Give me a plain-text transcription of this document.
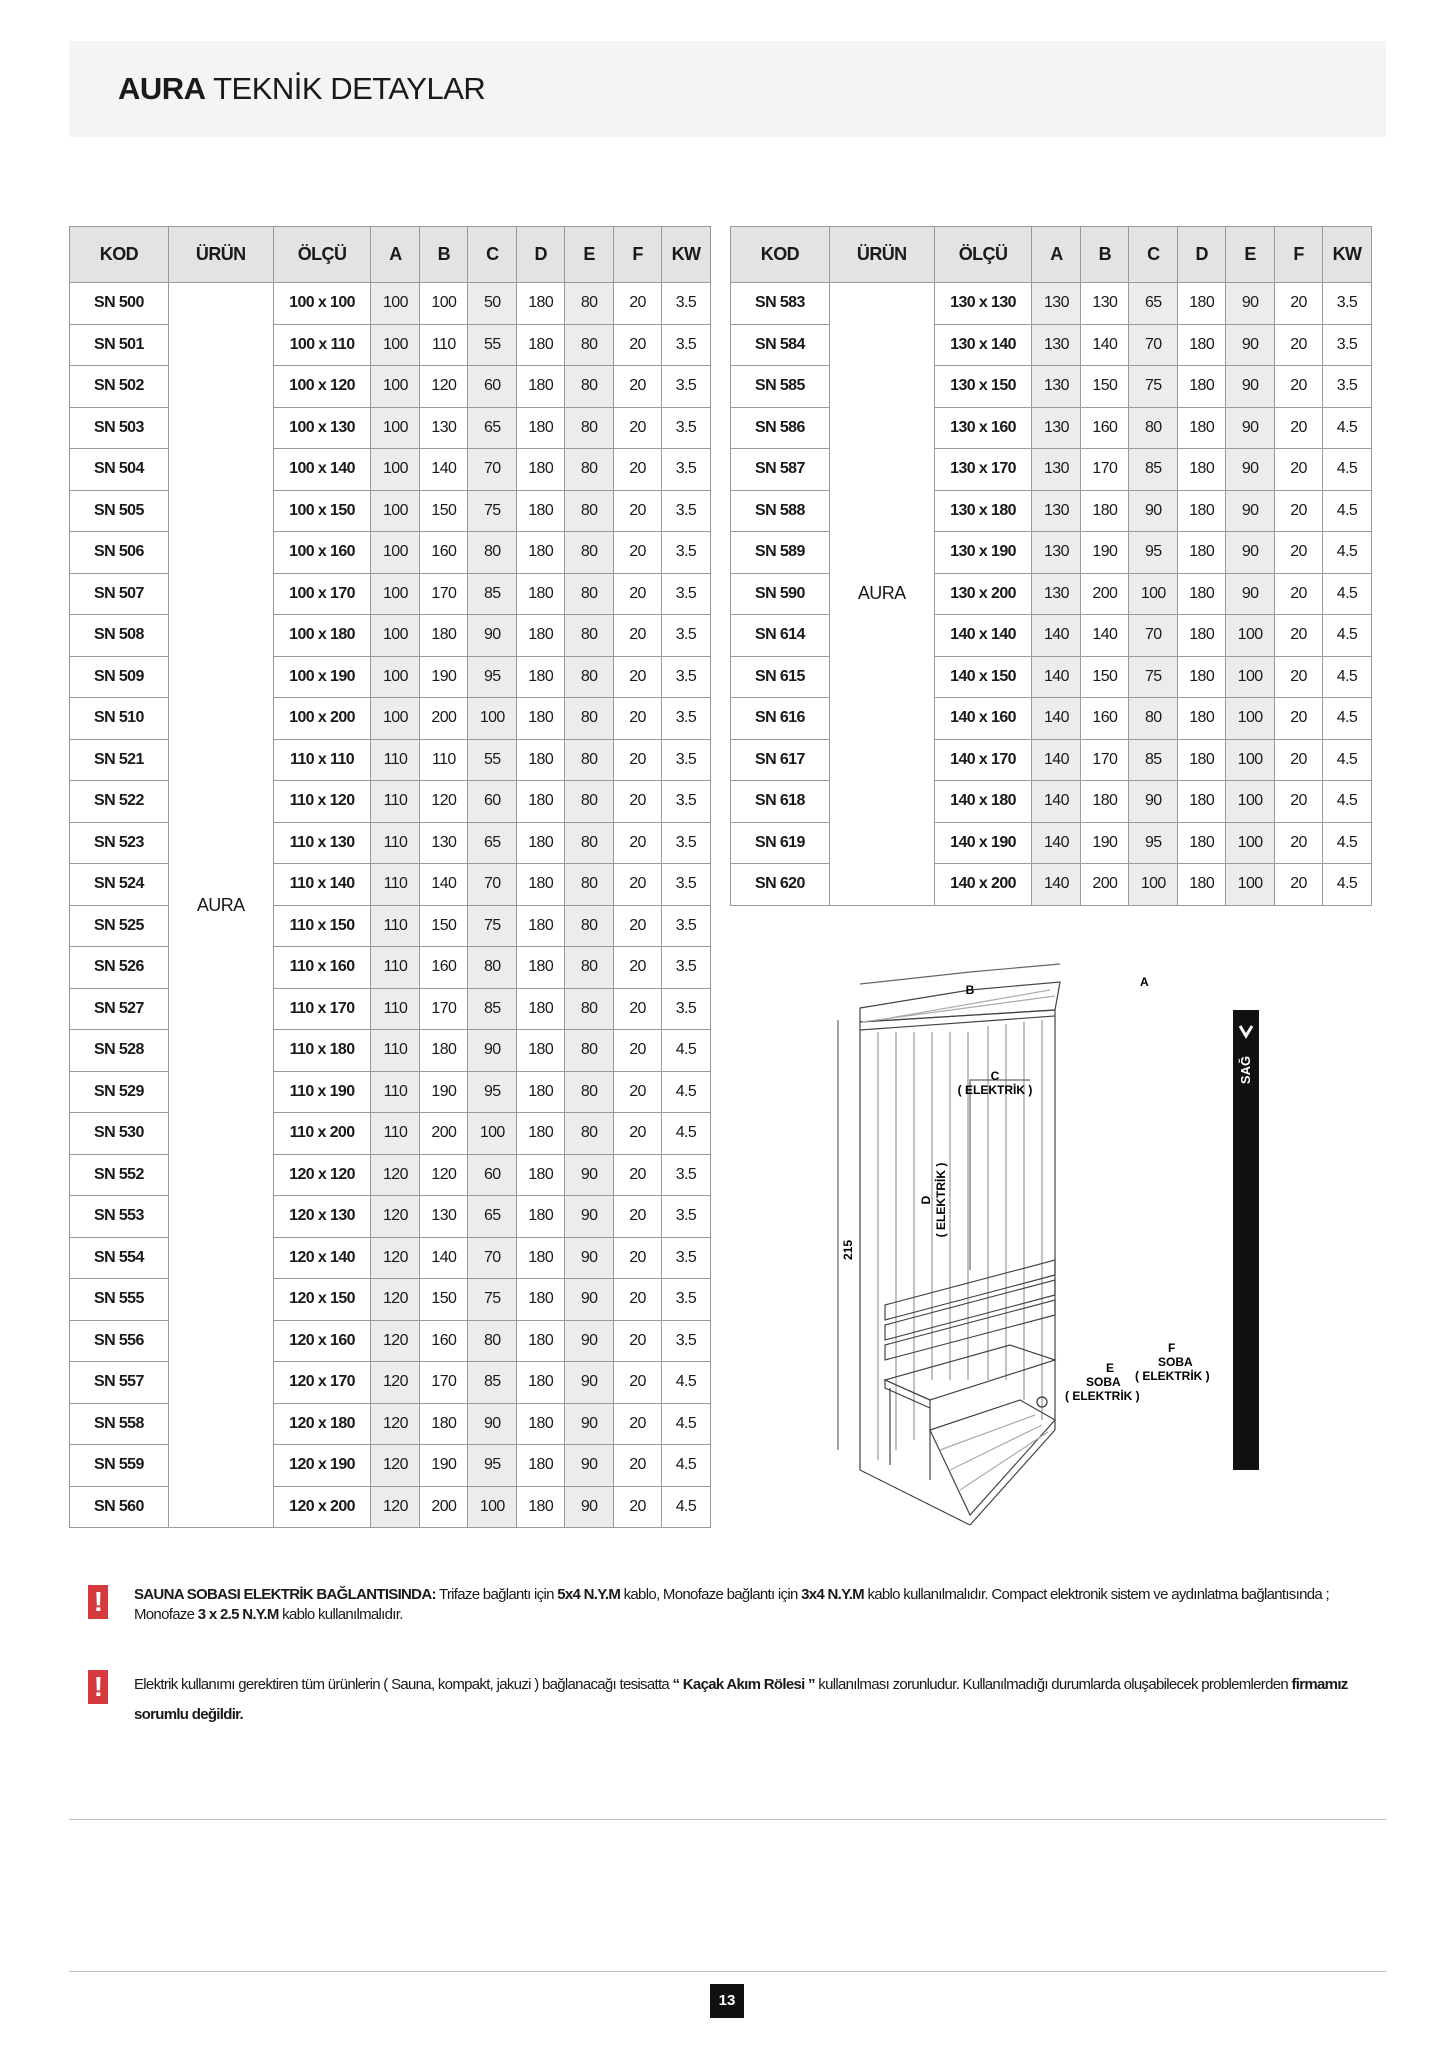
AURA TEKNİK DETAYLAR
KOD	ÜRÜN	ÖLÇÜ	A	B	C	D	E	F	KW
SN 500	AURA	100 x 100	100	100	50	180	80	20	3.5
SN 501		100 x 110	100	110	55	180	80	20	3.5
SN 502		100 x 120	100	120	60	180	80	20	3.5
SN 503		100 x 130	100	130	65	180	80	20	3.5
SN 504		100 x 140	100	140	70	180	80	20	3.5
SN 505		100 x 150	100	150	75	180	80	20	3.5
SN 506		100 x 160	100	160	80	180	80	20	3.5
SN 507		100 x 170	100	170	85	180	80	20	3.5
SN 508		100 x 180	100	180	90	180	80	20	3.5
SN 509		100 x 190	100	190	95	180	80	20	3.5
SN 510		100 x 200	100	200	100	180	80	20	3.5
SN 521		110 x 110	110	110	55	180	80	20	3.5
SN 522		110 x 120	110	120	60	180	80	20	3.5
SN 523		110 x 130	110	130	65	180	80	20	3.5
SN 524		110 x 140	110	140	70	180	80	20	3.5
SN 525		110 x 150	110	150	75	180	80	20	3.5
SN 526		110 x 160	110	160	80	180	80	20	3.5
SN 527		110 x 170	110	170	85	180	80	20	3.5
SN 528		110 x 180	110	180	90	180	80	20	4.5
SN 529		110 x 190	110	190	95	180	80	20	4.5
SN 530		110 x 200	110	200	100	180	80	20	4.5
SN 552		120 x 120	120	120	60	180	90	20	3.5
SN 553		120 x 130	120	130	65	180	90	20	3.5
SN 554		120 x 140	120	140	70	180	90	20	3.5
SN 555		120 x 150	120	150	75	180	90	20	3.5
SN 556		120 x 160	120	160	80	180	90	20	3.5
SN 557		120 x 170	120	170	85	180	90	20	4.5
SN 558		120 x 180	120	180	90	180	90	20	4.5
SN 559		120 x 190	120	190	95	180	90	20	4.5
SN 560		120 x 200	120	200	100	180	90	20	4.5
KOD	ÜRÜN	ÖLÇÜ	A	B	C	D	E	F	KW
SN 583	AURA	130 x 130	130	130	65	180	90	20	3.5
SN 584		130 x 140	130	140	70	180	90	20	3.5
SN 585		130 x 150	130	150	75	180	90	20	3.5
SN 586		130 x 160	130	160	80	180	90	20	4.5
SN 587		130 x 170	130	170	85	180	90	20	4.5
SN 588		130 x 180	130	180	90	180	90	20	4.5
SN 589		130 x 190	130	190	95	180	90	20	4.5
SN 590		130 x 200	130	200	100	180	90	20	4.5
SN 614		140 x 140	140	140	70	180	100	20	4.5
SN 615		140 x 150	140	150	75	180	100	20	4.5
SN 616		140 x 160	140	160	80	180	100	20	4.5
SN 617		140 x 170	140	170	85	180	100	20	4.5
SN 618		140 x 180	140	180	90	180	100	20	4.5
SN 619		140 x 190	140	190	95	180	100	20	4.5
SN 620		140 x 200	140	200	100	180	100	20	4.5
B
A
C
( ELEKTRİK )
D ( ELEKTRİK )
215
E
SOBA
( ELEKTRİK )
F
SOBA
( ELEKTRİK )
SAĞ
!	SAUNA SOBASI ELEKTRİK BAĞLANTISINDA: Trifaze bağlantı için 5x4 N.Y.M kablo, Monofaze bağlantı için 3x4 N.Y.M kablo kullanılmalıdır. Compact elektronik sistem ve aydınlatma bağlantısında ; Monofaze 3 x 2.5 N.Y.M kablo kullanılmalıdır.
!	Elektrik kullanımı gerektiren tüm ürünlerin ( Sauna, kompakt, jakuzi ) bağlanacağı tesisatta “ Kaçak Akım Rölesi ” kullanılması zorunludur. Kullanılmadığı durumlarda oluşabilecek problemlerden firmamız sorumlu değildir.
13
